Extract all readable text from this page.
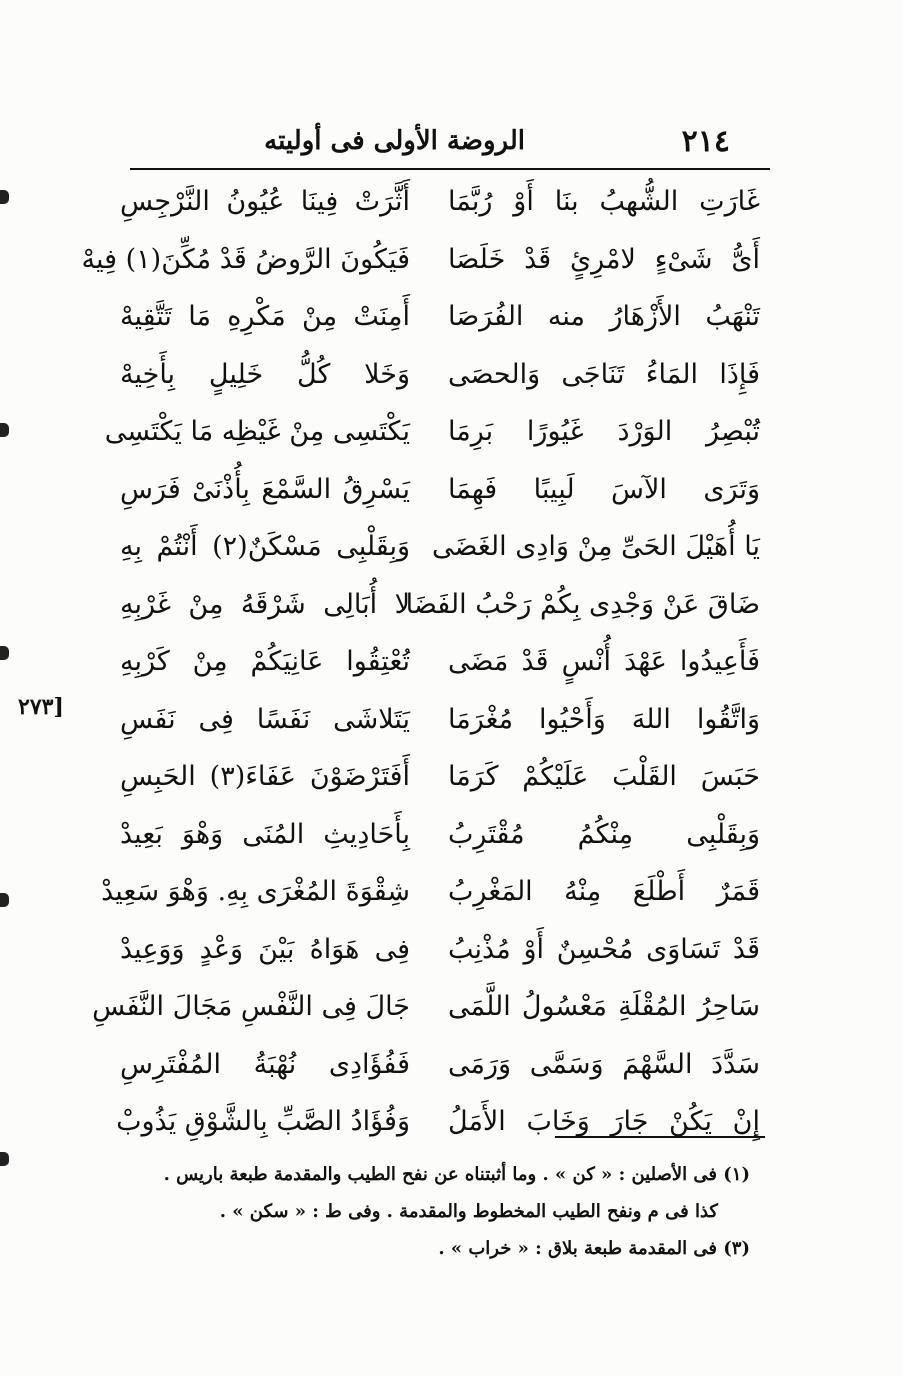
٢١٤
الروضة الأولى فى أوليته
غَارَتِ الشُّهبُ بنَا أَوْ رُبَّمَا
أَثَّرَتْ فِينَا عُيُونُ النَّرْجِسِ
أَىُّ شَىْءٍ لامْرِئٍ قَدْ خَلَصَا
فَيَكُونَ الرَّوضُ قَدْ مُكِّنَ(١) فِيهْ
تَنْهَبُ الأَزْهَارُ منه الفُرَصَا
أَمِنَتْ مِنْ مَكْرِهِ مَا تَتَّقِيهْ
فَإِذَا المَاءُ تَنَاجَى وَالحصَى
وَخَلا كُلُّ خَلِيلٍ بِأَخِيهْ
تُبْصِرُ الوَرْدَ غَيُورًا بَرِمَا
يَكْتَسِى مِنْ غَيْظِه مَا يَكْتَسِى
وَتَرَى الآسَ لَبِيبًا فَهِمَا
يَسْرِقُ السَّمْعَ بِأُذْنَىْ فَرَسِ
يَا أُهَيْلَ الحَىِّ مِنْ وَادِى الغَضَى
وَبِقَلْبِى مَسْكَنٌ(٢) أَنْتُمْ بِهِ
ضَاقَ عَنْ وَجْدِى بِكُمْ رَحْبُ الفَضَا
لا أُبَالِى شَرْقَهُ مِنْ غَرْبِهِ
فَأَعِيدُوا عَهْدَ أُنْسٍ قَدْ مَضَى
تُعْتِقُوا عَانِيَكُمْ مِنْ كَرْبِهِ
وَاتَّقُوا اللهَ وَأَحْيُوا مُغْرَمَا
يَتَلاشَى نَفَسًا فِى نَفَسِ
حَبَسَ القَلْبَ عَلَيْكُمْ كَرَمَا
أَفَتَرْضَوْنَ عَفَاءَ(٣) الحَبِسِ
وَبِقَلْبِى مِنْكُمُ مُقْتَرِبُ
بِأَحَادِيثِ المُنَى وَهْوَ بَعِيدْ
قَمَرٌ أَطْلَعَ مِنْهُ المَغْرِبُ
شِقْوَةَ المُغْرَى بِهِ. وَهْوَ سَعِيدْ
قَدْ تَسَاوَى مُحْسِنٌ أَوْ مُذْنِبُ
فِى هَوَاهُ بَيْنَ وَعْدٍ وَوَعِيدْ
سَاحِرُ المُقْلَةِ مَعْسُولُ اللَّمَى
جَالَ فِى النَّفْسِ مَجَالَ النَّفَسِ
سَدَّدَ السَّهْمَ وَسَمَّى وَرَمَى
فَفُؤَادِى نُهْبَةُ المُفْتَرِسِ
إِنْ يَكُنْ جَارَ وَخَابَ الأَمَلُ
وَفُؤَادُ الصَّبِّ بِالشَّوْقِ يَذُوبْ
[٢٧٣
(١) فى الأصلين : « كن » . وما أثبتناه عن نفح الطيب والمقدمة طبعة باريس .
كذا فى م ونفح الطيب المخطوط والمقدمة . وفى ط : « سكن » .
(٣) فى المقدمة طبعة بلاق : « خراب » .
